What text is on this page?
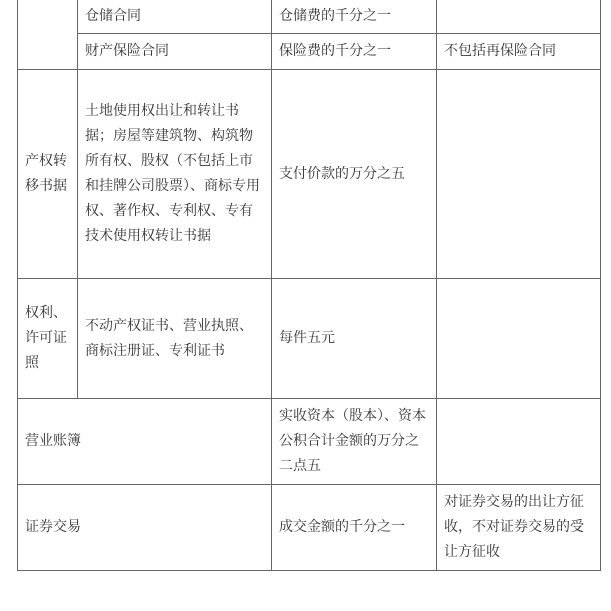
	仓储合同	仓储费的千分之一	
	财产保险合同	保险费的千分之一	不包括再保险合同
产权转移书据	土地使用权出让和转让书据；房屋等建筑物、构筑物所有权、股权（不包括上市和挂牌公司股票）、商标专用权、著作权、专利权、专有技术使用权转让书据	支付价款的万分之五	
权利、许可证照	不动产权证书、营业执照、商标注册证、专利证书	每件五元	
营业账簿		实收资本（股本）、资本公积合计金额的万分之二点五	
证券交易		成交金额的千分之一	对证券交易的出让方征收，不对证券交易的受让方征收
